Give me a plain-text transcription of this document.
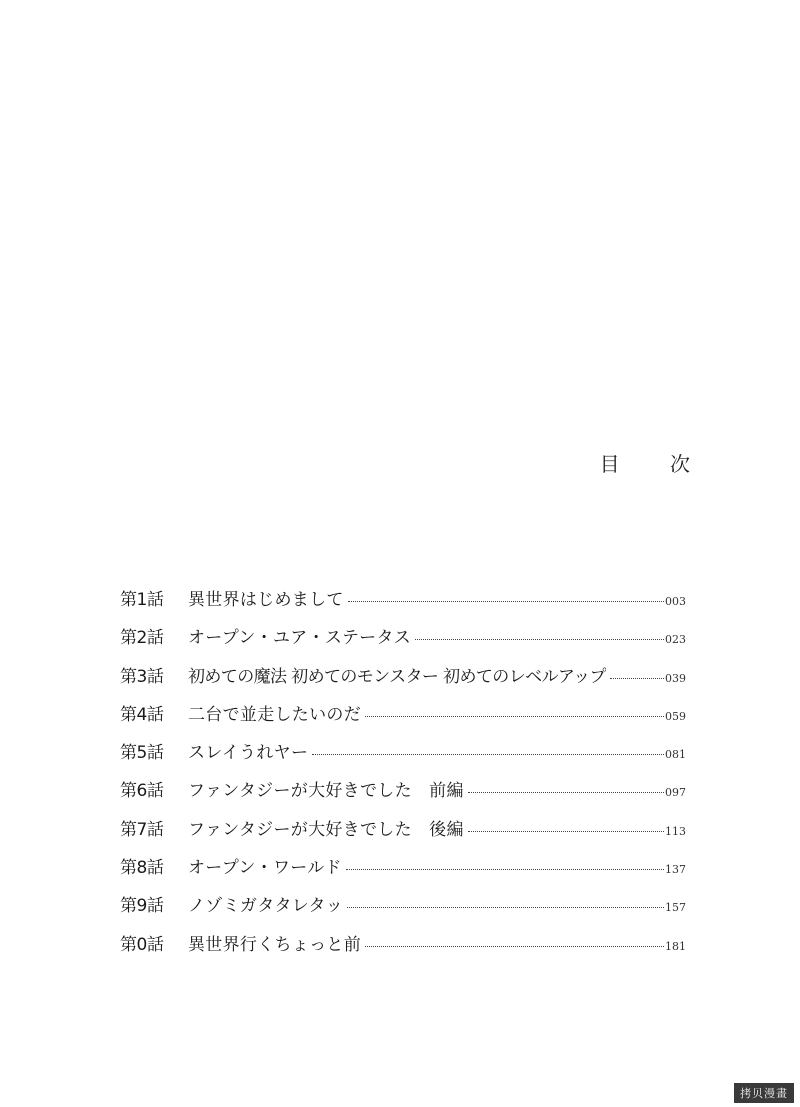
目 次
第1話	異世界はじめまして	003
第2話	オープン・ユア・ステータス	023
第3話	初めての魔法 初めてのモンスター 初めてのレベルアップ	039
第4話	二台で並走したいのだ	059
第5話	スレイうれヤー	081
第6話	ファンタジーが大好きでした　前編	097
第7話	ファンタジーが大好きでした　後編	113
第8話	オープン・ワールド	137
第9話	ノゾミガタタレタッ	157
第0話	異世界行くちょっと前	181
拷贝漫畫
